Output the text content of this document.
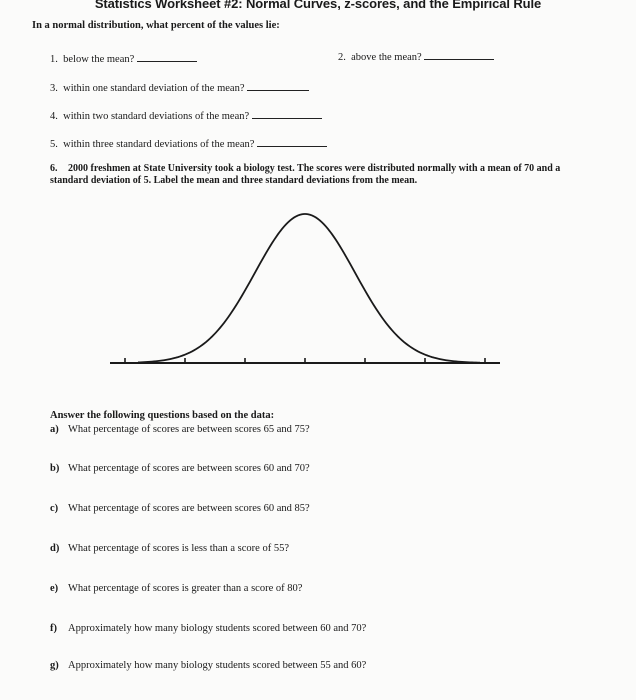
Statistics Worksheet #2: Normal Curves, z-scores, and the Empirical Rule
In a normal distribution, what percent of the values lie:
1. below the mean?	2. above the mean?
3. within one standard deviation of the mean?
4. within two standard deviations of the mean?
5. within three standard deviations of the mean?
6. 2000 freshmen at State University took a biology test. The scores were distributed normally with a mean of 70 and a standard deviation of 5. Label the mean and three standard deviations from the mean.
Answer the following questions based on the data:
a) What percentage of scores are between scores 65 and 75?
b) What percentage of scores are between scores 60 and 70?
c) What percentage of scores are between scores 60 and 85?
d) What percentage of scores is less than a score of 55?
e) What percentage of scores is greater than a score of 80?
f) Approximately how many biology students scored between 60 and 70?
g) Approximately how many biology students scored between 55 and 60?
